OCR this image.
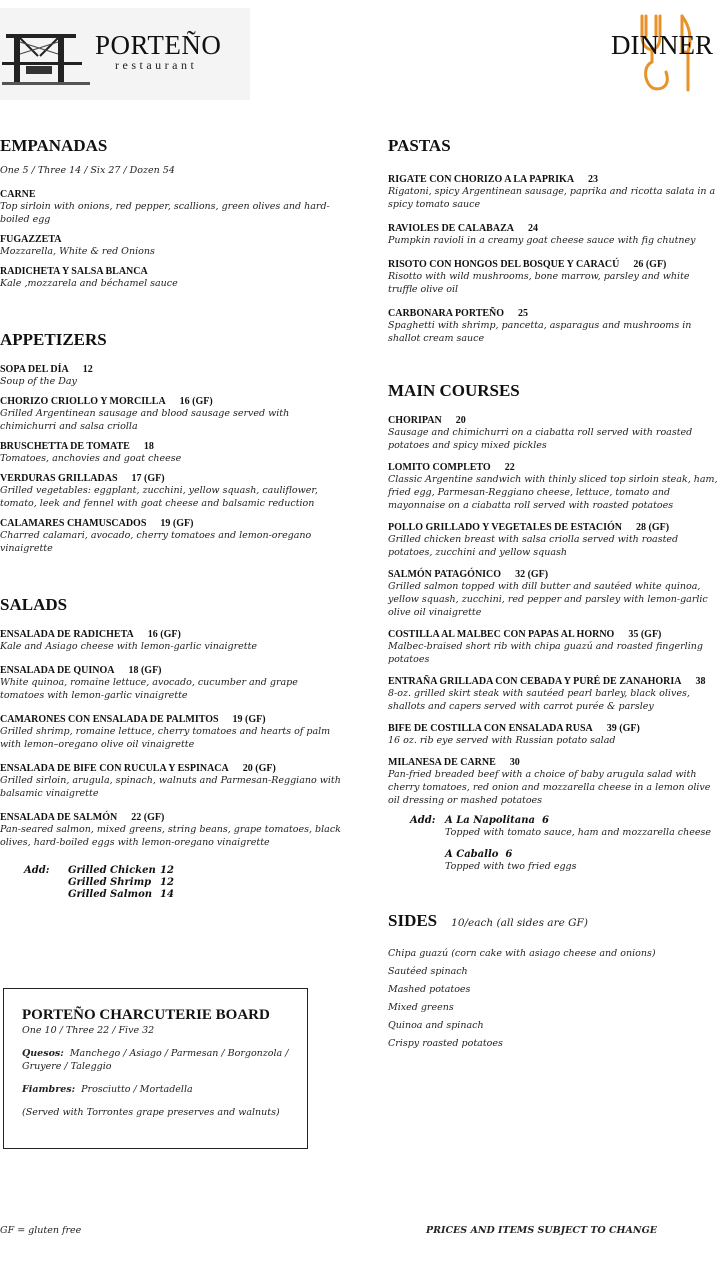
PORTEÑO
restaurant
DINNER
EMPANADAS
One 5 / Three 14 / Six 27 / Dozen 54
CARNE
Top sirloin with onions, red pepper, scallions, green olives and hard-boiled egg
FUGAZZETA
Mozzarella, White & red Onions
RADICHETA Y SALSA BLANCA
Kale ,mozzarela and béchamel sauce
APPETIZERS
SOPA DEL DÍA 12
Soup of the Day
CHORIZO CRIOLLO Y MORCILLA 16 (GF)
Grilled Argentinean sausage and blood sausage served with chimichurri and salsa criolla
BRUSCHETTA DE TOMATE 18
Tomatoes, anchovies and goat cheese
VERDURAS GRILLADAS 17 (GF)
Grilled vegetables: eggplant, zucchini, yellow squash, cauliflower, tomato, leek and fennel with goat cheese and balsamic reduction
CALAMARES CHAMUSCADOS 19 (GF)
Charred calamari, avocado, cherry tomatoes and lemon-oregano vinaigrette
SALADS
ENSALADA DE RADICHETA 16 (GF)
Kale and Asiago cheese with lemon-garlic vinaigrette
ENSALADA DE QUINOA 18 (GF)
White quinoa, romaine lettuce, avocado, cucumber and grape tomatoes with lemon-garlic vinaigrette
CAMARONES CON ENSALADA DE PALMITOS 19 (GF)
Grilled shrimp, romaine lettuce, cherry tomatoes and hearts of palm with lemon–oregano olive oil vinaigrette
ENSALADA DE BIFE CON RUCULA Y ESPINACA 20 (GF)
Grilled sirloin, arugula, spinach, walnuts and Parmesan-Reggiano with balsamic vinaigrette
ENSALADA DE SALMÓN 22 (GF)
Pan-seared salmon, mixed greens, string beans, grape tomatoes, black olives, hard-boiled eggs with lemon-oregano vinaigrette
Add:	Grilled Chicken 12
Grilled Shrimp 12
Grilled Salmon 14
PORTEÑO CHARCUTERIE BOARD
One 10 / Three 22 / Five 32
Quesos: Manchego / Asiago / Parmesan / Borgonzola / Gruyere / Taleggio
Fiambres: Prosciutto / Mortadella
(Served with Torrontes grape preserves and walnuts)
PASTAS
RIGATE CON CHORIZO A LA PAPRIKA 23
Rigatoni, spicy Argentinean sausage, paprika and ricotta salata in a spicy tomato sauce
RAVIOLES DE CALABAZA 24
Pumpkin ravioli in a creamy goat cheese sauce with fig chutney
RISOTO CON HONGOS DEL BOSQUE Y CARACÚ 26 (GF)
Risotto with wild mushrooms, bone marrow, parsley and white truffle olive oil
CARBONARA PORTEÑO 25
Spaghetti with shrimp, pancetta, asparagus and mushrooms in shallot cream sauce
MAIN COURSES
CHORIPAN 20
Sausage and chimichurri on a ciabatta roll served with roasted potatoes and spicy mixed pickles
LOMITO COMPLETO 22
Classic Argentine sandwich with thinly sliced top sirloin steak, ham, fried egg, Parmesan-Reggiano cheese, lettuce, tomato and mayonnaise on a ciabatta roll served with roasted potatoes
POLLO GRILLADO Y VEGETALES DE ESTACIÓN 28 (GF)
Grilled chicken breast with salsa criolla served with roasted potatoes, zucchini and yellow squash
SALMÓN PATAGÓNICO 32 (GF)
Grilled salmon topped with dill butter and sautéed white quinoa, yellow squash, zucchini, red pepper and parsley with lemon-garlic olive oil vinaigrette
COSTILLA AL MALBEC CON PAPAS AL HORNO 35 (GF)
Malbec-braised short rib with chipa guazú and roasted fingerling potatoes
ENTRAÑA GRILLADA CON CEBADA Y PURÉ DE ZANAHORIA 38
8-oz. grilled skirt steak with sautéed pearl barley, black olives, shallots and capers served with carrot purée & parsley
BIFE DE COSTILLA CON ENSALADA RUSA 39 (GF)
16 oz. rib eye served with Russian potato salad
MILANESA DE CARNE 30
Pan-fried breaded beef with a choice of baby arugula salad with cherry tomatoes, red onion and mozzarella cheese in a lemon olive oil dressing or mashed potatoes
Add: A La Napolitana 6
Topped with tomato sauce, ham and mozzarella cheese
A Caballo 6
Topped with two fried eggs
SIDES 10/each (all sides are GF)
Chipa guazú (corn cake with asiago cheese and onions)
Sautéed spinach
Mashed potatoes
Mixed greens
Quinoa and spinach
Crispy roasted potatoes
GF = gluten free	PRICES AND ITEMS SUBJECT TO CHANGE
